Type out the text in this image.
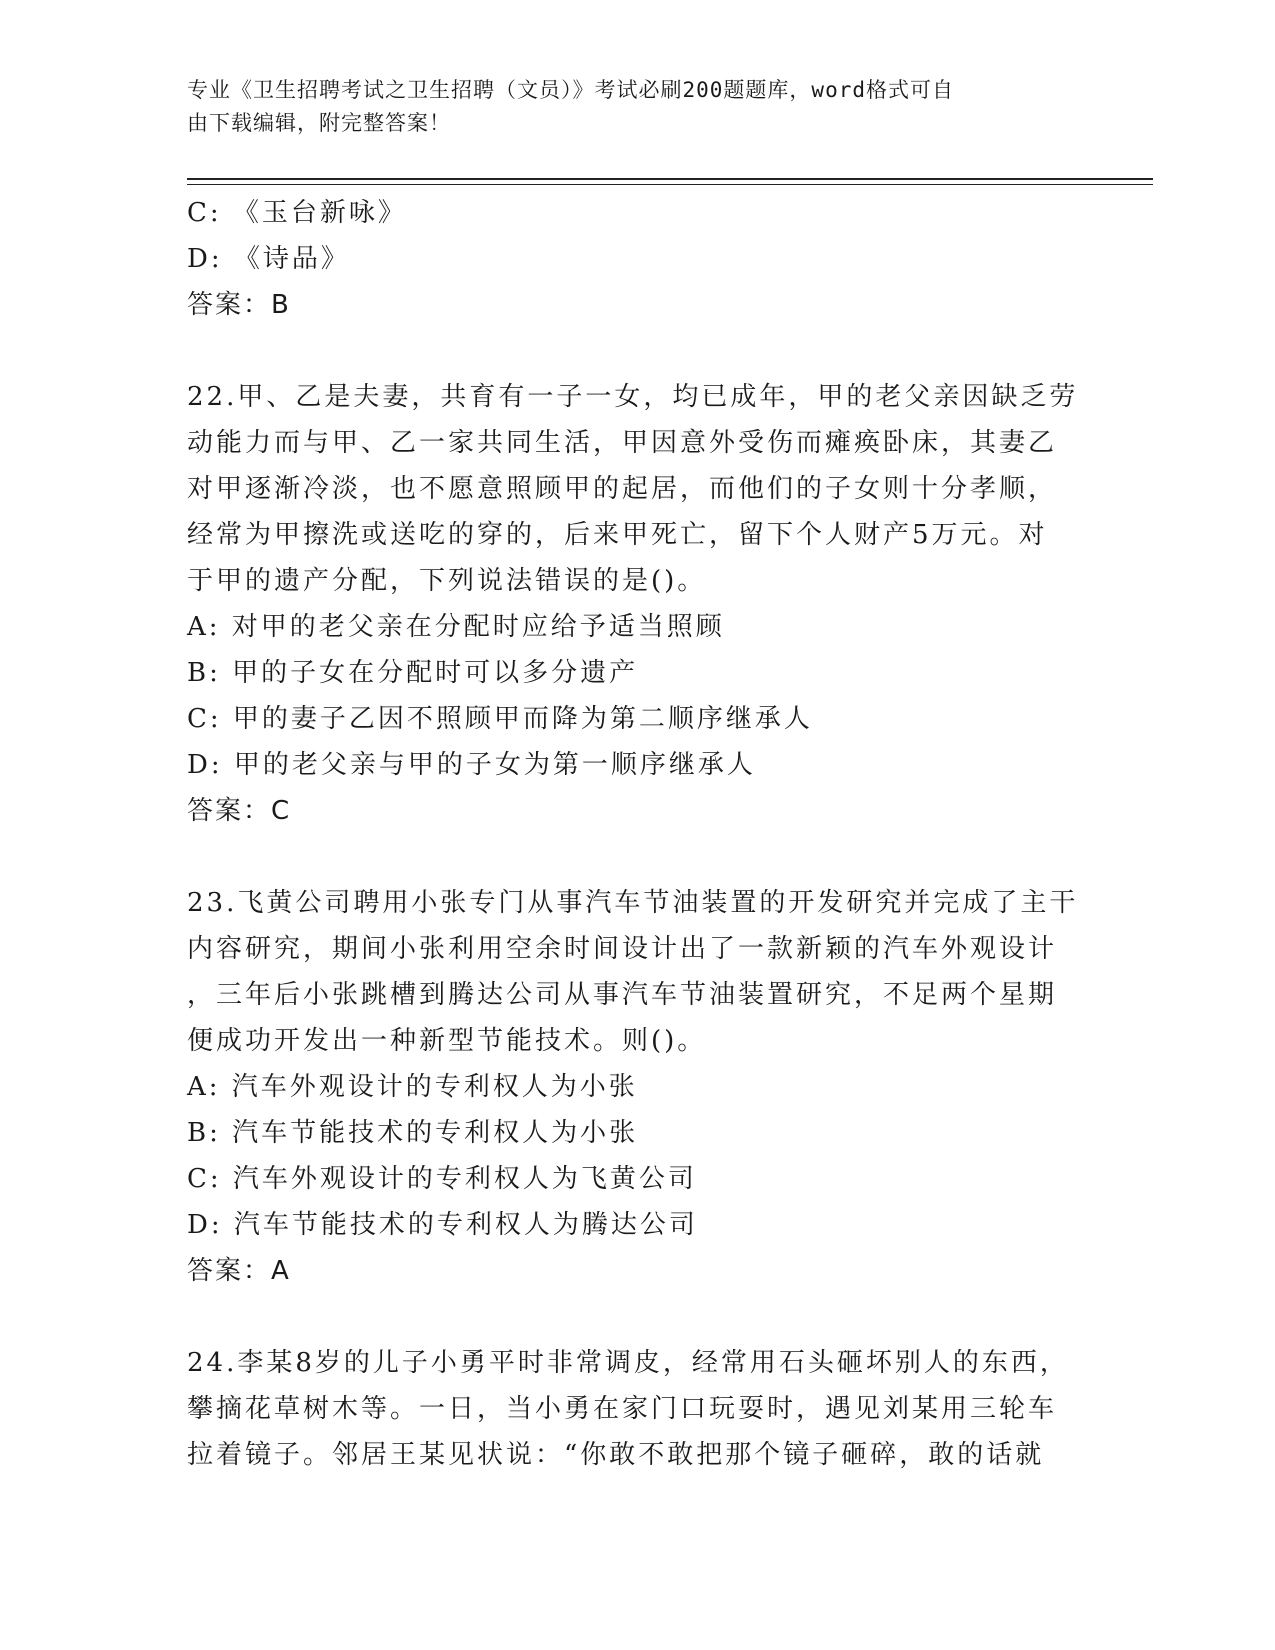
专业《卫生招聘考试之卫生招聘（文员）》考试必刷200题题库，word格式可自
由下载编辑，附完整答案！
C: 《玉台新咏》
D: 《诗品》
答案：B
22.甲、乙是夫妻，共育有一子一女，均已成年，甲的老父亲因缺乏劳
动能力而与甲、乙一家共同生活，甲因意外受伤而瘫痪卧床，其妻乙
对甲逐渐冷淡，也不愿意照顾甲的起居，而他们的子女则十分孝顺，
经常为甲擦洗或送吃的穿的，后来甲死亡，留下个人财产5万元。对
于甲的遗产分配，下列说法错误的是()。
A: 对甲的老父亲在分配时应给予适当照顾
B: 甲的子女在分配时可以多分遗产
C: 甲的妻子乙因不照顾甲而降为第二顺序继承人
D: 甲的老父亲与甲的子女为第一顺序继承人
答案：C
23.飞黄公司聘用小张专门从事汽车节油装置的开发研究并完成了主干
内容研究，期间小张利用空余时间设计出了一款新颖的汽车外观设计
，三年后小张跳槽到腾达公司从事汽车节油装置研究，不足两个星期
便成功开发出一种新型节能技术。则()。
A: 汽车外观设计的专利权人为小张
B: 汽车节能技术的专利权人为小张
C: 汽车外观设计的专利权人为飞黄公司
D: 汽车节能技术的专利权人为腾达公司
答案：A
24.李某8岁的儿子小勇平时非常调皮，经常用石头砸坏别人的东西，
攀摘花草树木等。一日，当小勇在家门口玩耍时，遇见刘某用三轮车
拉着镜子。邻居王某见状说：“你敢不敢把那个镜子砸碎，敢的话就
